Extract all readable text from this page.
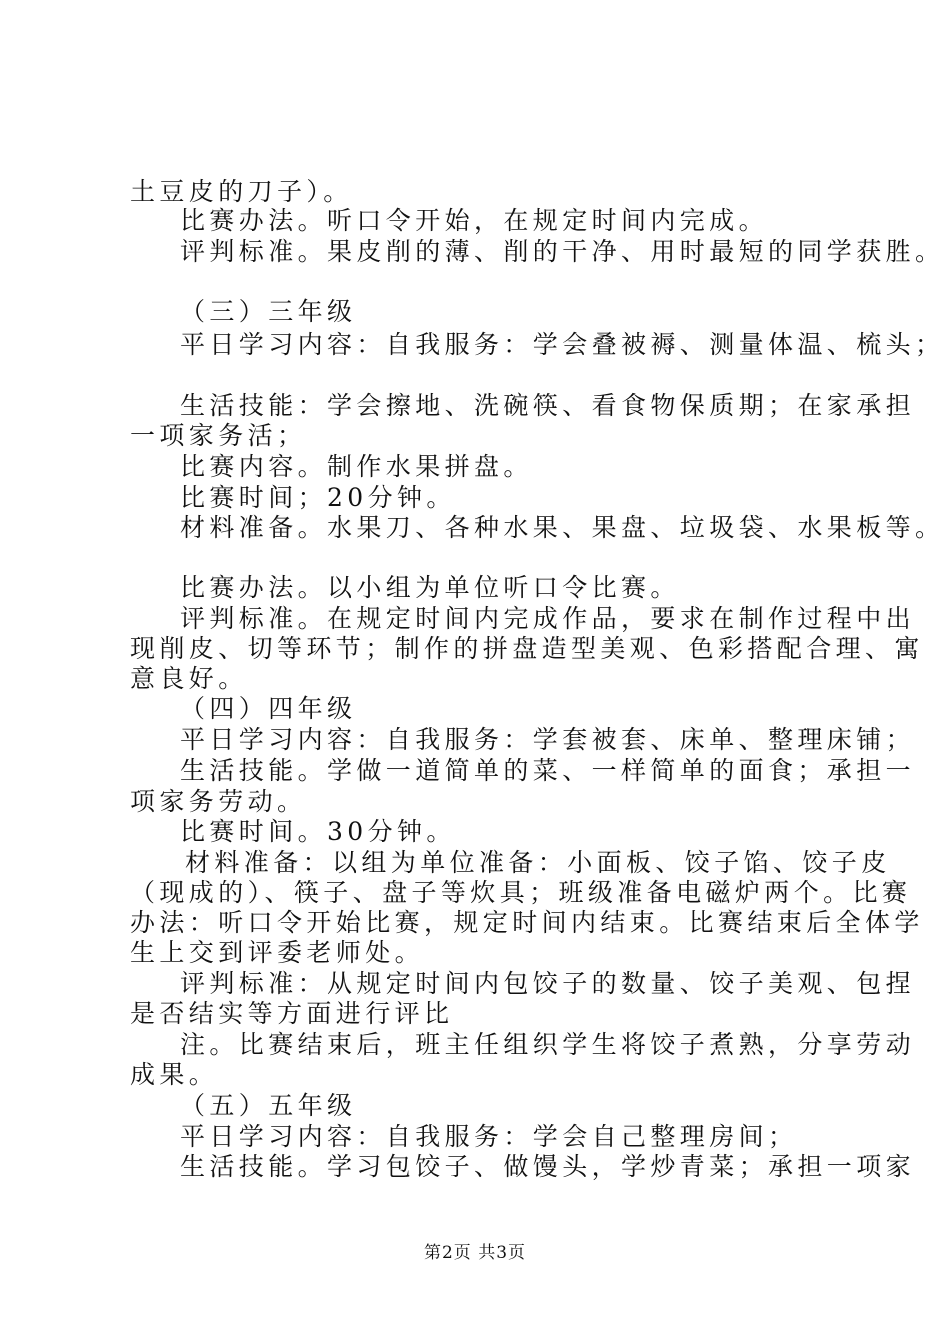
土豆皮的刀子）。

比赛办法。听口令开始，在规定时间内完成。

评判标准。果皮削的薄、削的干净、用时最短的同学获胜。

（三）三年级

平日学习内容：自我服务：学会叠被褥、测量体温、梳头；

生活技能：学会擦地、洗碗筷、看食物保质期；在家承担

一项家务活；

比赛内容。制作水果拼盘。

比赛时间；20分钟。

材料准备。水果刀、各种水果、果盘、垃圾袋、水果板等。

比赛办法。以小组为单位听口令比赛。

评判标准。在规定时间内完成作品，要求在制作过程中出

现削皮、切等环节；制作的拼盘造型美观、色彩搭配合理、寓

意良好。

（四）四年级

平日学习内容：自我服务：学套被套、床单、整理床铺；

生活技能。学做一道简单的菜、一样简单的面食；承担一

项家务劳动。

比赛时间。30分钟。

材料准备：以组为单位准备：小面板、饺子馅、饺子皮

（现成的）、筷子、盘子等炊具；班级准备电磁炉两个。比赛

办法：听口令开始比赛，规定时间内结束。比赛结束后全体学

生上交到评委老师处。

评判标准：从规定时间内包饺子的数量、饺子美观、包捏

是否结实等方面进行评比

注。比赛结束后，班主任组织学生将饺子煮熟，分享劳动

成果。

（五）五年级

平日学习内容：自我服务：学会自己整理房间；

生活技能。学习包饺子、做馒头，学炒青菜；承担一项家

第2页 共3页
